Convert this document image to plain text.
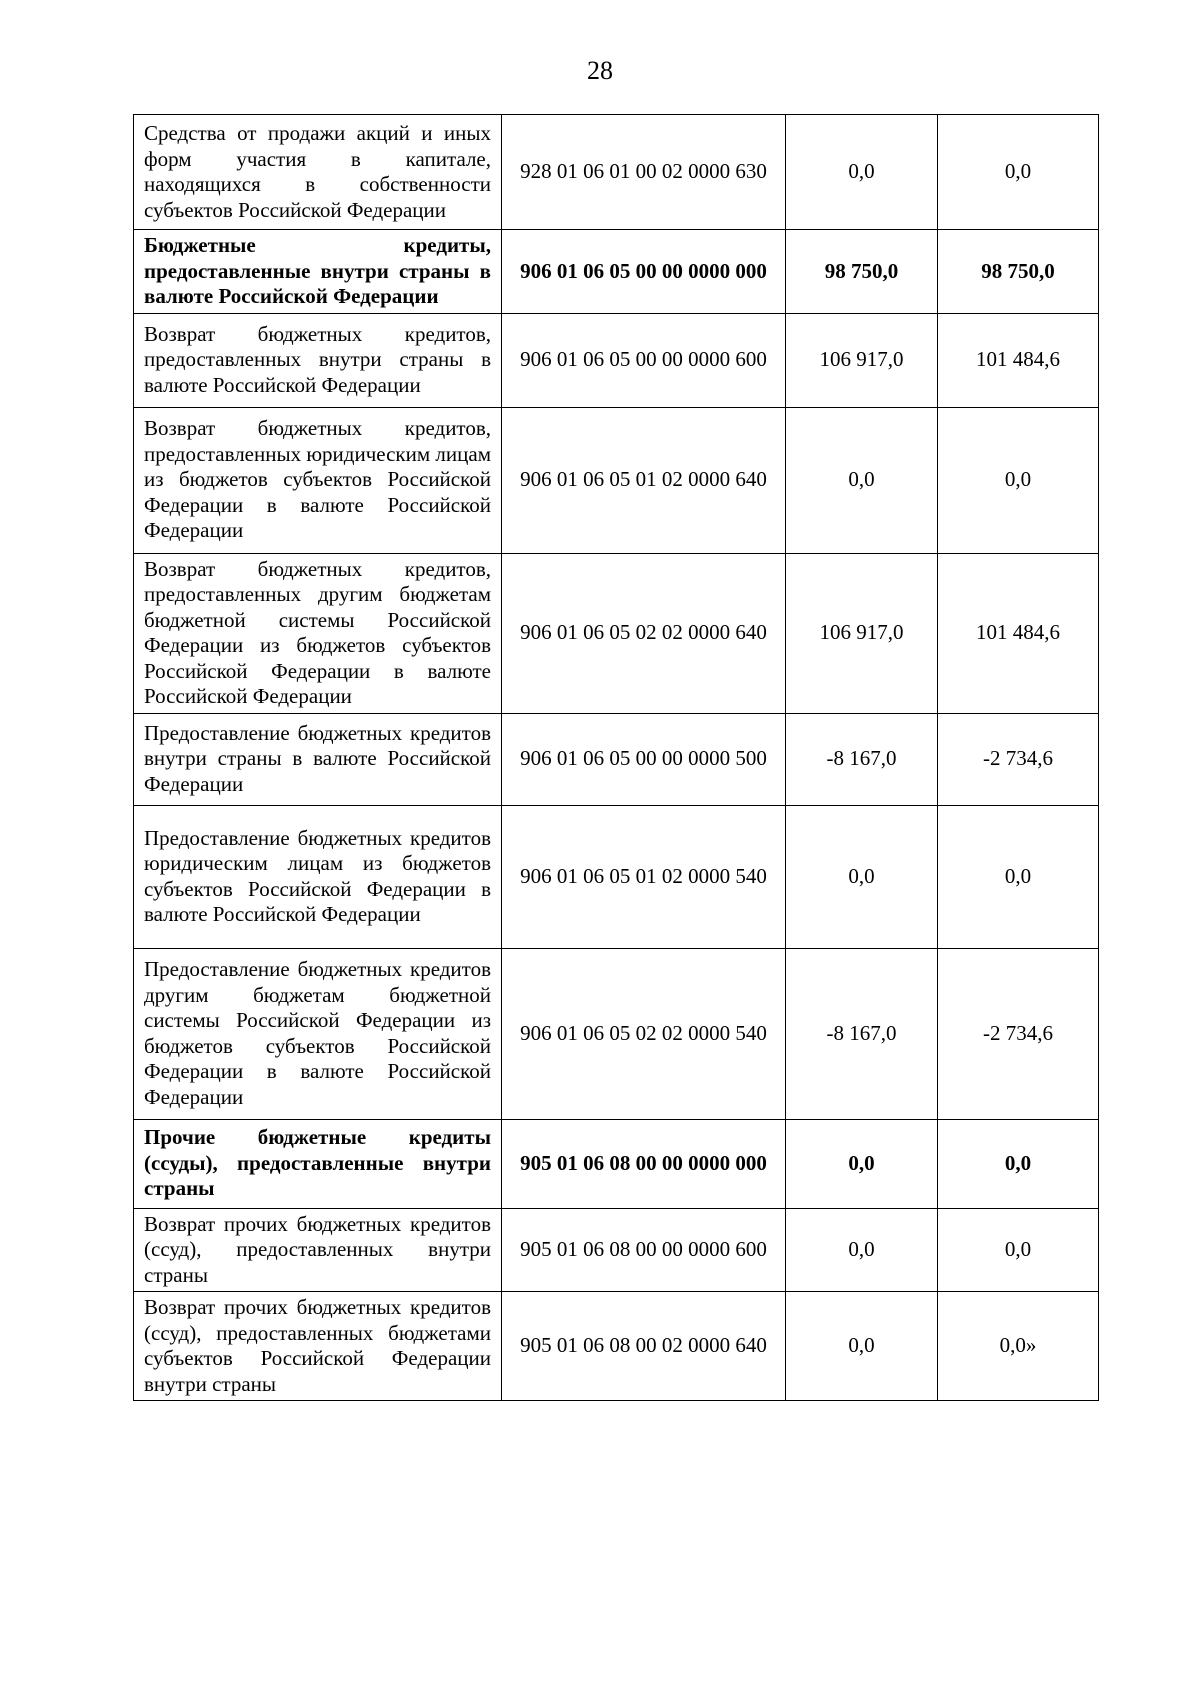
28
Средства от продажи акций и иных форм участия в капитале, находящихся в собственности субъектов Российской Федерации	928 01 06 01 00 02 0000 630	0,0	0,0
Бюджетные кредиты, предоставленные внутри страны в валюте Российской Федерации	906 01 06 05 00 00 0000 000	98 750,0	98 750,0
Возврат бюджетных кредитов, предоставленных внутри страны в валюте Российской Федерации	906 01 06 05 00 00 0000 600	106 917,0	101 484,6
Возврат бюджетных кредитов, предоставленных юридическим лицам из бюджетов субъектов Российской Федерации в валюте Российской Федерации	906 01 06 05 01 02 0000 640	0,0	0,0
Возврат бюджетных кредитов, предоставленных другим бюджетам бюджетной системы Российской Федерации из бюджетов субъектов Российской Федерации в валюте Российской Федерации	906 01 06 05 02 02 0000 640	106 917,0	101 484,6
Предоставление бюджетных кредитов внутри страны в валюте Российской Федерации	906 01 06 05 00 00 0000 500	-8 167,0	-2 734,6
Предоставление бюджетных кредитов юридическим лицам из бюджетов субъектов Российской Федерации в валюте Российской Федерации	906 01 06 05 01 02 0000 540	0,0	0,0
Предоставление бюджетных кредитов другим бюджетам бюджетной системы Российской Федерации из бюджетов субъектов Российской Федерации в валюте Российской Федерации	906 01 06 05 02 02 0000 540	-8 167,0	-2 734,6
Прочие бюджетные кредиты (ссуды), предоставленные внутри страны	905 01 06 08 00 00 0000 000	0,0	0,0
Возврат прочих бюджетных кредитов (ссуд), предоставленных внутри страны	905 01 06 08 00 00 0000 600	0,0	0,0
Возврат прочих бюджетных кредитов (ссуд), предоставленных бюджетами субъектов Российской Федерации внутри страны	905 01 06 08 00 02 0000 640	0,0	0,0»
